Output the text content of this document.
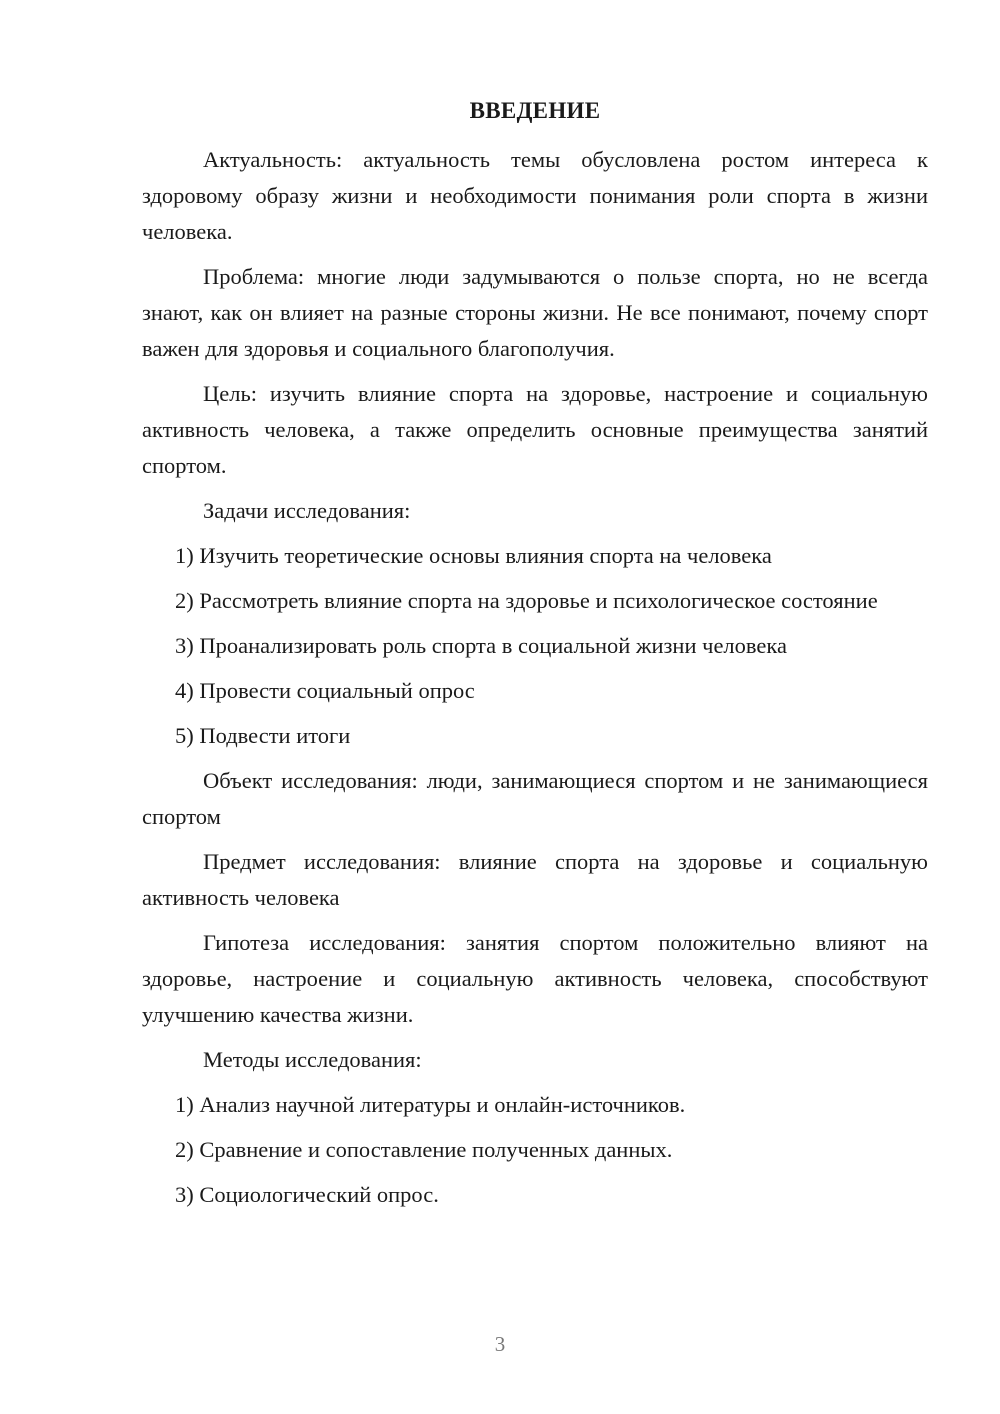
ВВЕДЕНИЕ

Актуальность: актуальность темы обусловлена ростом интереса к здоровому образу жизни и необходимости понимания роли спорта в жизни человека.

Проблема: многие люди задумываются о пользе спорта, но не всегда знают, как он влияет на разные стороны жизни. Не все понимают, почему спорт важен для здоровья и социального благополучия.

Цель: изучить влияние спорта на здоровье, настроение и социальную активность человека, а также определить основные преимущества занятий спортом.

Задачи исследования:

1) Изучить теоретические основы влияния спорта на человека

2) Рассмотреть влияние спорта на здоровье и психологическое состояние

3) Проанализировать роль спорта в социальной жизни человека

4) Провести социальный опрос

5) Подвести итоги

Объект исследования: люди, занимающиеся спортом и не занимающиеся спортом

Предмет исследования: влияние спорта на здоровье и социальную активность человека

Гипотеза исследования: занятия спортом положительно влияют на здоровье, настроение и социальную активность человека, способствуют улучшению качества жизни.

Методы исследования:

1) Анализ научной литературы и онлайн-источников.

2) Сравнение и сопоставление полученных данных.

3) Социологический опрос.

3
